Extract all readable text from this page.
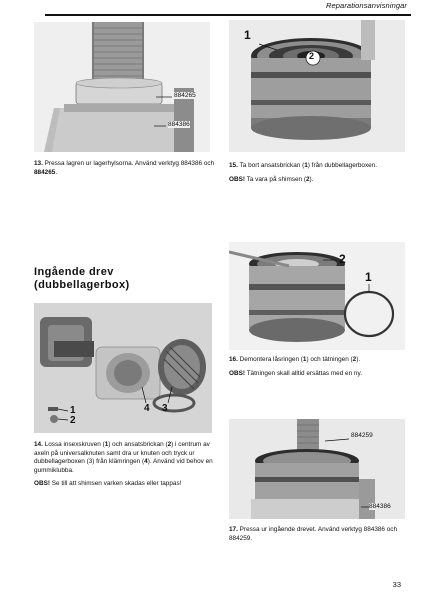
Reparationsanvisningar
884265
884386

13. Pressa lagren ur lagerhylsorna. Använd verktyg 884386 och 884265.

1
2

15. Ta bort ansatsbrickan (1) från dubbellagerboxen.

OBS! Ta vara på shimsen (2).

Ingående drev
(dubbellagerbox)
1
2
4 3

14. Lossa insexskruven (1) och ansatsbrickan (2) i centrum av axeln på universalknuten samt dra ur knuten och tryck ur dubbellagerboxen (3) från klämringen (4). Använd vid behov en gummiklubba.

OBS! Se till att shimsen varken skadas eller tappas!

2
1

16. Demontera låsringen (1) och tätningen (2).

OBS! Tätningen skall alltid ersättas med en ny.

884259
884386

17. Pressa ur ingående drevet. Använd verktyg 884386 och 884259.

33
